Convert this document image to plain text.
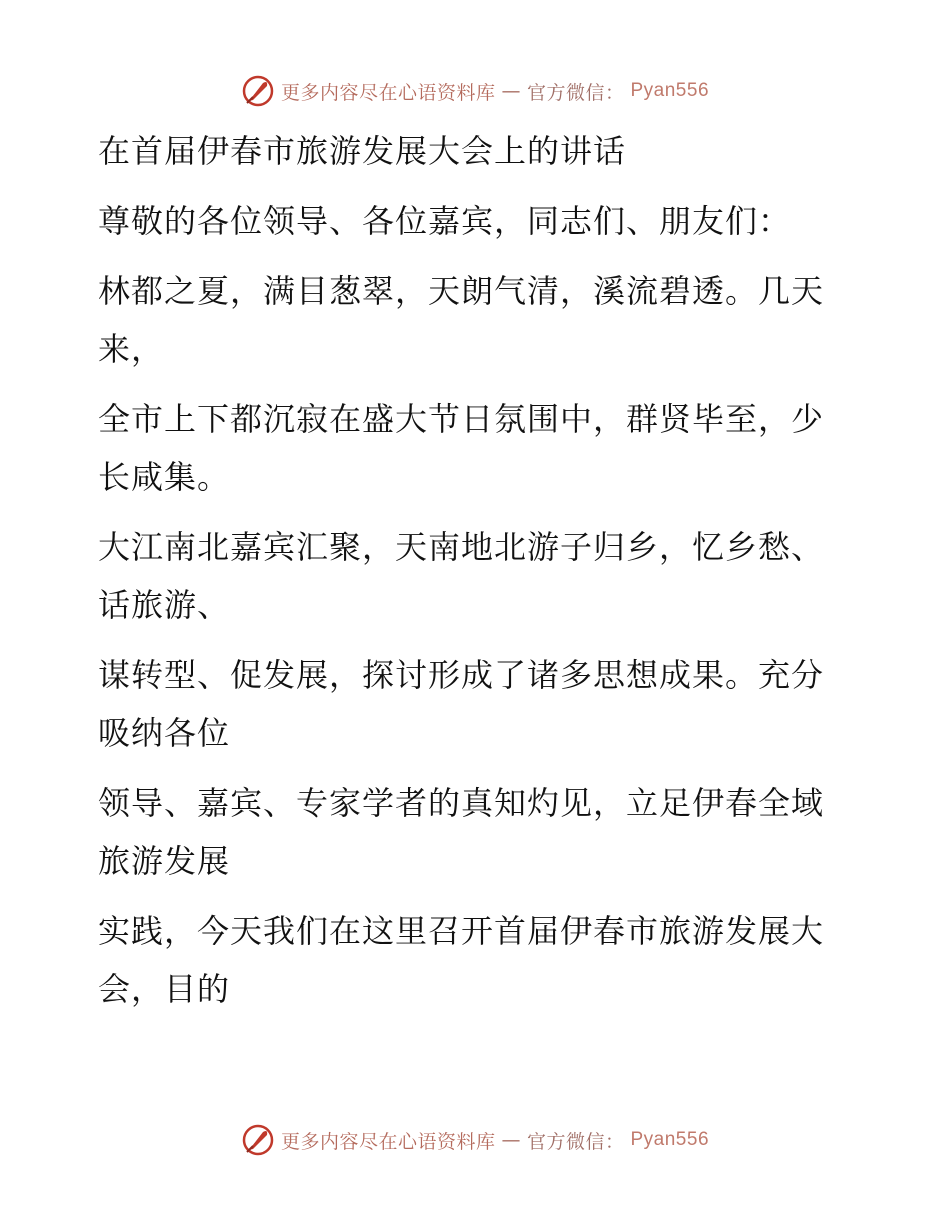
更多内容尽在心语资料库 — 官方微信： Pyan556

在首届伊春市旅游发展大会上的讲话

尊敬的各位领导、各位嘉宾，同志们、朋友们：

林都之夏，满目葱翠，天朗气清，溪流碧透。几天来，

全市上下都沉寂在盛大节日氛围中，群贤毕至，少长咸集。

大江南北嘉宾汇聚，天南地北游子归乡，忆乡愁、话旅游、

谋转型、促发展，探讨形成了诸多思想成果。充分吸纳各位

领导、嘉宾、专家学者的真知灼见，立足伊春全域旅游发展

实践，今天我们在这里召开首届伊春市旅游发展大会，目的

更多内容尽在心语资料库 — 官方微信： Pyan556
